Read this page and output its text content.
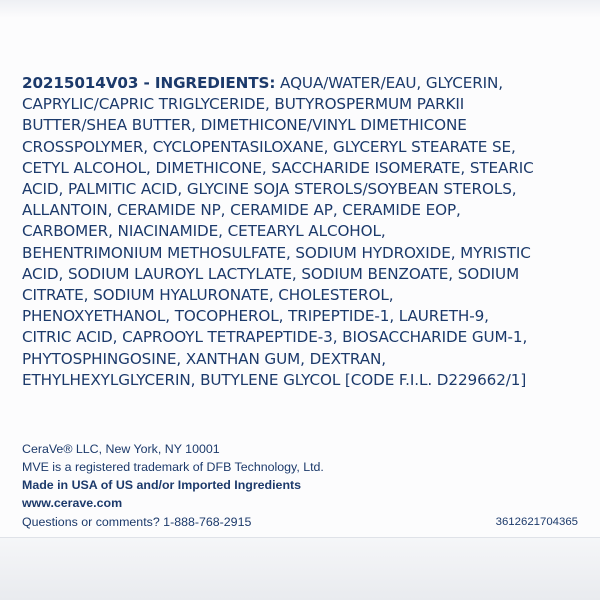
20215014V03 - INGREDIENTS: AQUA/WATER/EAU, GLYCERIN,
CAPRYLIC/CAPRIC TRIGLYCERIDE, BUTYROSPERMUM PARKII
BUTTER/SHEA BUTTER, DIMETHICONE/VINYL DIMETHICONE
CROSSPOLYMER, CYCLOPENTASILOXANE, GLYCERYL STEARATE SE,
CETYL ALCOHOL, DIMETHICONE, SACCHARIDE ISOMERATE, STEARIC
ACID, PALMITIC ACID, GLYCINE SOJA STEROLS/SOYBEAN STEROLS,
ALLANTOIN, CERAMIDE NP, CERAMIDE AP, CERAMIDE EOP,
CARBOMER, NIACINAMIDE, CETEARYL ALCOHOL,
BEHENTRIMONIUM METHOSULFATE, SODIUM HYDROXIDE, MYRISTIC
ACID, SODIUM LAUROYL LACTYLATE, SODIUM BENZOATE, SODIUM
CITRATE, SODIUM HYALURONATE, CHOLESTEROL,
PHENOXYETHANOL, TOCOPHEROL, TRIPEPTIDE-1, LAURETH-9,
CITRIC ACID, CAPROOYL TETRAPEPTIDE-3, BIOSACCHARIDE GUM-1,
PHYTOSPHINGOSINE, XANTHAN GUM, DEXTRAN,
ETHYLHEXYLGLYCERIN, BUTYLENE GLYCOL [CODE F.I.L. D229662/1]
CeraVe® LLC, New York, NY 10001
MVE is a registered trademark of DFB Technology, Ltd.
Made in USA of US and/or Imported Ingredients
www.cerave.com
Questions or comments? 1-888-768-2915	3612621704365
